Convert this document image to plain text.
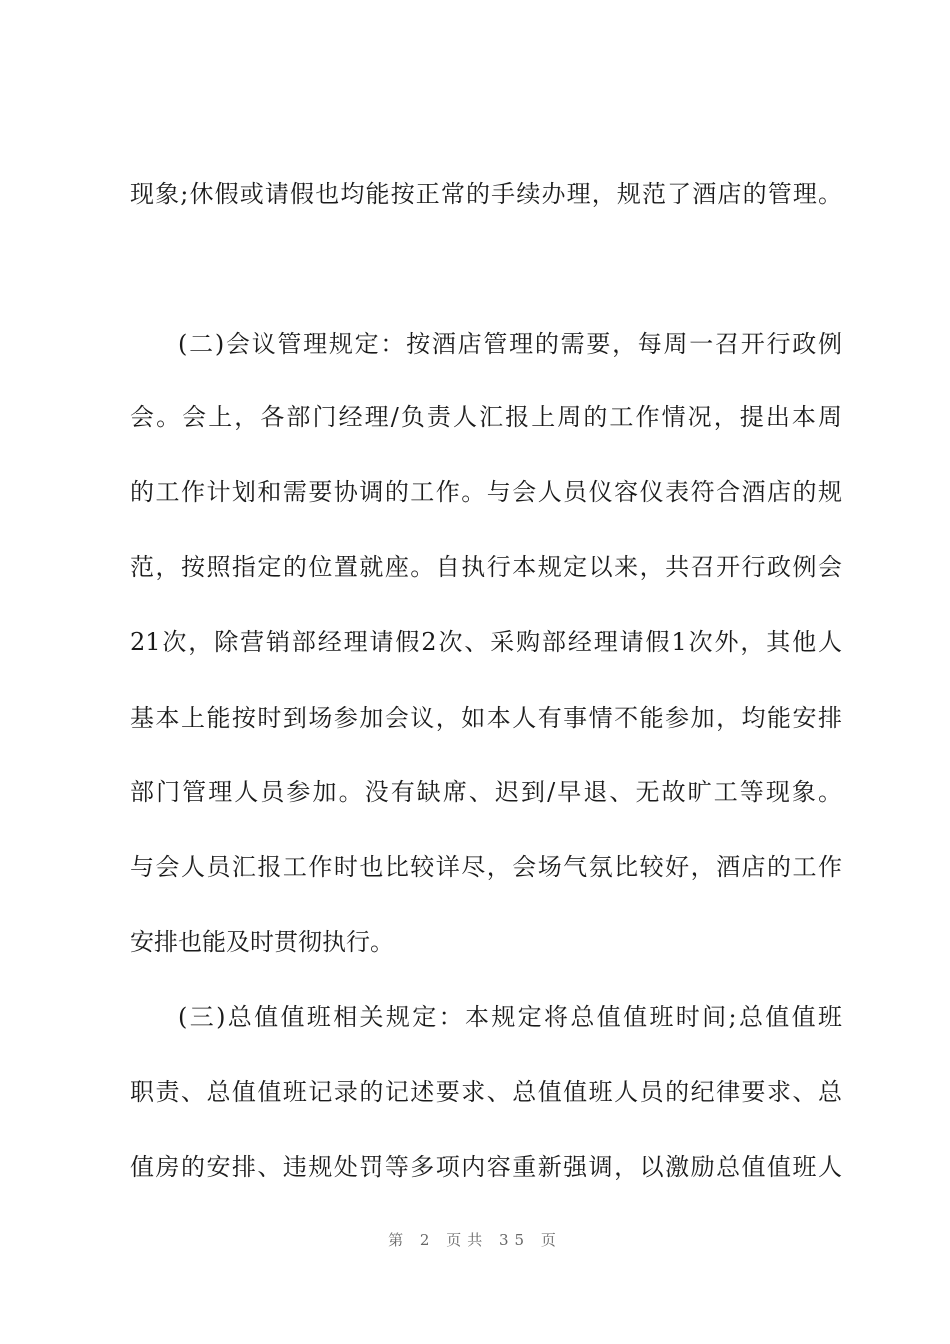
现象;休假或请假也均能按正常的手续办理，规范了酒店的管理。
(二)会议管理规定：按酒店管理的需要，每周一召开行政例
会。会上，各部门经理/负责人汇报上周的工作情况，提出本周
的工作计划和需要协调的工作。与会人员仪容仪表符合酒店的规
范，按照指定的位置就座。自执行本规定以来，共召开行政例会
21次，除营销部经理请假2次、采购部经理请假1次外，其他人
基本上能按时到场参加会议，如本人有事情不能参加，均能安排
部门管理人员参加。没有缺席、迟到/早退、无故旷工等现象。
与会人员汇报工作时也比较详尽，会场气氛比较好，酒店的工作
安排也能及时贯彻执行。
(三)总值值班相关规定：本规定将总值值班时间;总值值班
职责、总值值班记录的记述要求、总值值班人员的纪律要求、总
值房的安排、违规处罚等多项内容重新强调，以激励总值值班人
第 2 页共 35 页
